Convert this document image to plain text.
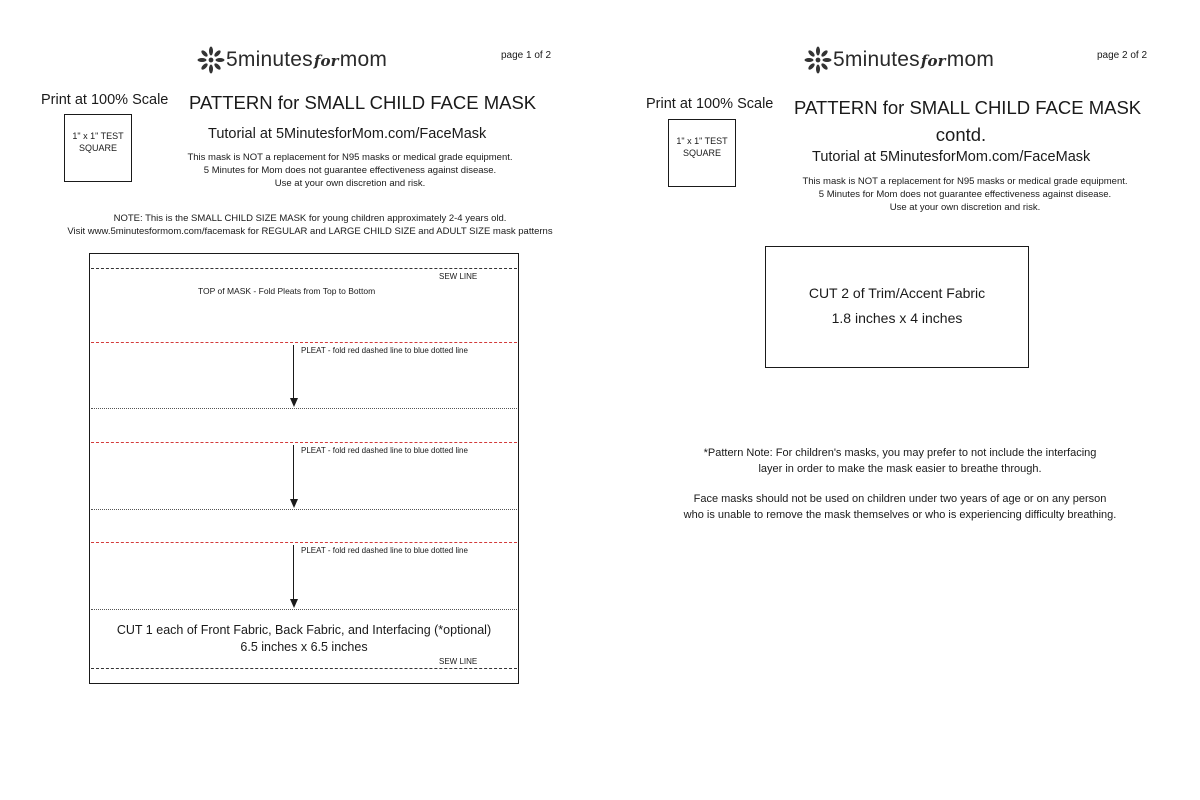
5minutesformom	page 1 of 2
Print at 100% Scale PATTERN for SMALL CHILD FACE MASK
1" x 1" TEST SQUARE
Tutorial at 5MinutesforMom.com/FaceMask
This mask is NOT a replacement for N95 masks or medical grade equipment.
5 Minutes for Mom does not guarantee effectiveness against disease.
Use at your own discretion and risk.
NOTE: This is the SMALL CHILD SIZE MASK for young children approximately 2-4 years old.
Visit www.5minutesformom.com/facemask for REGULAR and LARGE CHILD SIZE and ADULT SIZE mask patterns
SEW LINE
TOP of MASK - Fold Pleats from Top to Bottom
PLEAT - fold red dashed line to blue dotted line
PLEAT - fold red dashed line to blue dotted line
PLEAT - fold red dashed line to blue dotted line
CUT 1 each of Front Fabric, Back Fabric, and Interfacing (*optional)
6.5 inches x 6.5 inches
SEW LINE
5minutesformom	page 2 of 2
Print at 100% Scale PATTERN for SMALL CHILD FACE MASK
contd.
1" x 1" TEST SQUARE	Tutorial at 5MinutesforMom.com/FaceMask
This mask is NOT a replacement for N95 masks or medical grade equipment.
5 Minutes for Mom does not guarantee effectiveness against disease.
Use at your own discretion and risk.
CUT 2 of Trim/Accent Fabric
1.8 inches x 4 inches
*Pattern Note: For children's masks, you may prefer to not include the interfacing
layer in order to make the mask easier to breathe through.
Face masks should not be used on children under two years of age or on any person
who is unable to remove the mask themselves or who is experiencing difficulty breathing.
